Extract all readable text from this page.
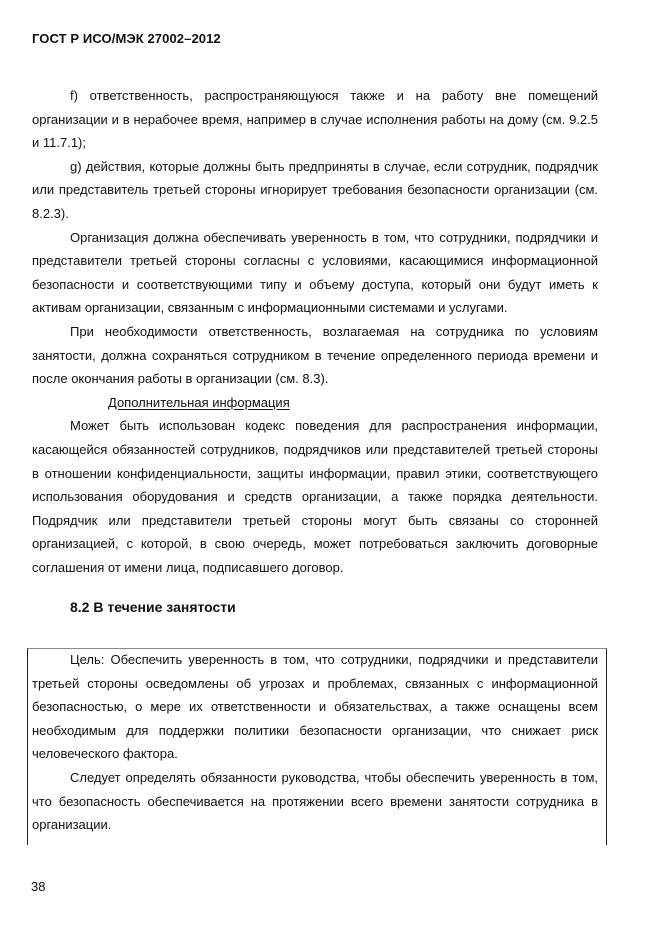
ГОСТ Р ИСО/МЭК 27002–2012

f) ответственность, распространяющуюся также и на работу вне помещений организации и в нерабочее время, например в случае исполнения работы на дому (см. 9.2.5 и 11.7.1);

g) действия, которые должны быть предприняты в случае, если сотрудник, подрядчик или представитель третьей стороны игнорирует требования безопасности организации (см. 8.2.3).

Организация должна обеспечивать уверенность в том, что сотрудники, подрядчики и представители третьей стороны согласны с условиями, касающимися информационной безопасности и соответствующими типу и объему доступа, который они будут иметь к активам организации, связанным с информационными системами и услугами.

При необходимости ответственность, возлагаемая на сотрудника по условиям занятости, должна сохраняться сотрудником в течение определенного периода времени и после окончания работы в организации (см. 8.3).

Дополнительная информация

Может быть использован кодекс поведения для распространения информации, касающейся обязанностей сотрудников, подрядчиков или представителей третьей стороны в отношении конфиденциальности, защиты информации, правил этики, соответствующего использования оборудования и средств организации, а также порядка деятельности. Подрядчик или представители третьей стороны могут быть связаны со сторонней организацией, с которой, в свою очередь, может потребоваться заключить договорные соглашения от имени лица, подписавшего договор.

8.2 В течение занятости

Цель: Обеспечить уверенность в том, что сотрудники, подрядчики и представители третьей стороны осведомлены об угрозах и проблемах, связанных с информационной безопасностью, о мере их ответственности и обязательствах, а также оснащены всем необходимым для поддержки политики безопасности организации, что снижает риск человеческого фактора.

Следует определять обязанности руководства, чтобы обеспечить уверенность в том, что безопасность обеспечивается на протяжении всего времени занятости сотрудника в организации.

38
